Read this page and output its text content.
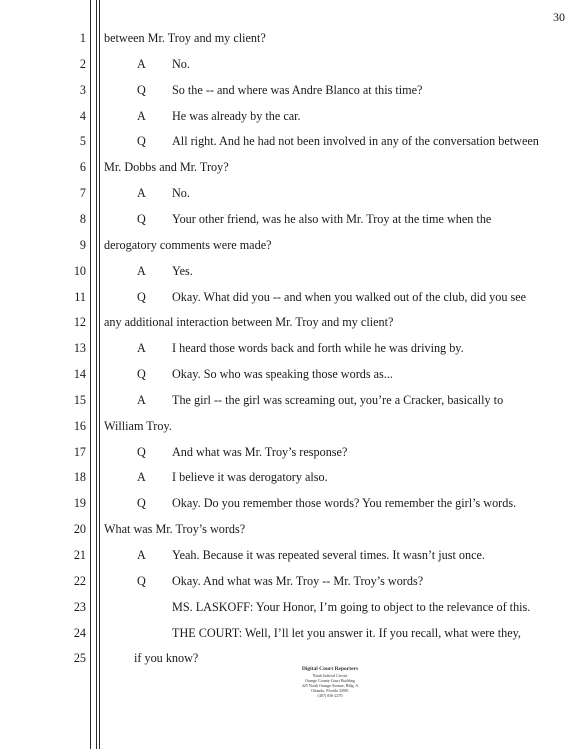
30
1 between Mr. Troy and my client?
2	A No.
3	Q So the -- and where was Andre Blanco at this time?
4	A He was already by the car.
5	Q All right. And he had not been involved in any of the conversation between
6 Mr. Dobbs and Mr. Troy?
7	A No.
8	Q Your other friend, was he also with Mr. Troy at the time when the
9 derogatory comments were made?
10	A Yes.
11	Q Okay. What did you -- and when you walked out of the club, did you see
12 any additional interaction between Mr. Troy and my client?
13	A I heard those words back and forth while he was driving by.
14	Q Okay. So who was speaking those words as...
15	A The girl -- the girl was screaming out, you’re a Cracker, basically to
16 William Troy.
17	Q And what was Mr. Troy’s response?
18	A I believe it was derogatory also.
19	Q Okay. Do you remember those words? You remember the girl’s words.
20 What was Mr. Troy’s words?
21	A Yeah. Because it was repeated several times. It wasn’t just once.
22	Q Okay. And what was Mr. Troy -- Mr. Troy’s words?
23	MS. LASKOFF: Your Honor, I’m going to object to the relevance of this.
24	THE COURT: Well, I’ll let you answer it. If you recall, what were they,
25	if you know?
Digital Court Reporters
Ninth Judicial Circuit
Orange County Court Building
425 North Orange Avenue, Bldg. A
Orlando, Florida 32801
(407) 836-2270
